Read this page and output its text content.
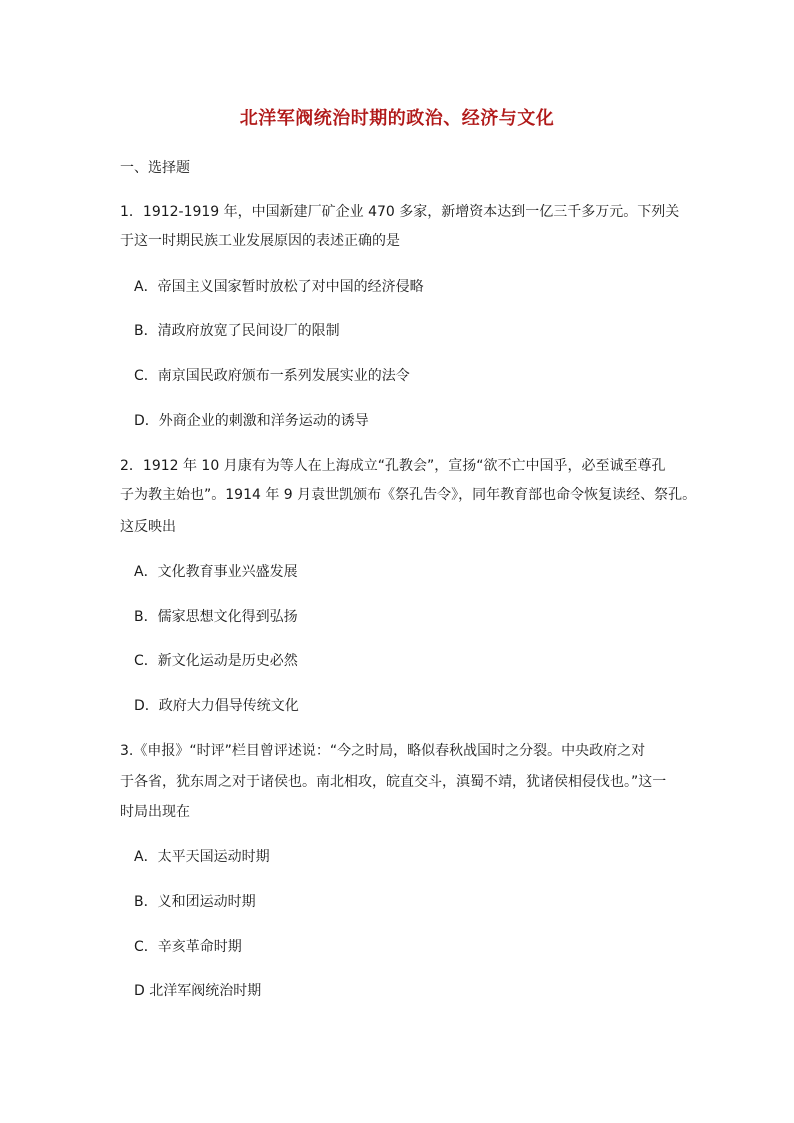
北洋军阀统治时期的政治、经济与文化
一、选择题
1．1912-1919 年，中国新建厂矿企业 470 多家，新增资本达到一亿三千多万元。下列关
于这一时期民族工业发展原因的表述正确的是
A．帝国主义国家暂时放松了对中国的经济侵略
B．清政府放宽了民间设厂的限制
C．南京国民政府颁布一系列发展实业的法令
D．外商企业的刺激和洋务运动的诱导
2．1912 年 10 月康有为等人在上海成立“孔教会”，宣扬“欲不亡中国乎，必至诚至尊孔
子为教主始也”。1914 年 9 月袁世凯颁布《祭孔告令》，同年教育部也命令恢复读经、祭孔。
这反映出
A．文化教育事业兴盛发展
B．儒家思想文化得到弘扬
C．新文化运动是历史必然
D．政府大力倡导传统文化
3.《申报》“时评”栏目曾评述说：“今之时局，略似春秋战国时之分裂。中央政府之对
于各省，犹东周之对于诸侯也。南北相攻，皖直交斗，滇蜀不靖，犹诸侯相侵伐也。”这一
时局出现在
A．太平天国运动时期
B．义和团运动时期
C．辛亥革命时期
D 北洋军阀统治时期
